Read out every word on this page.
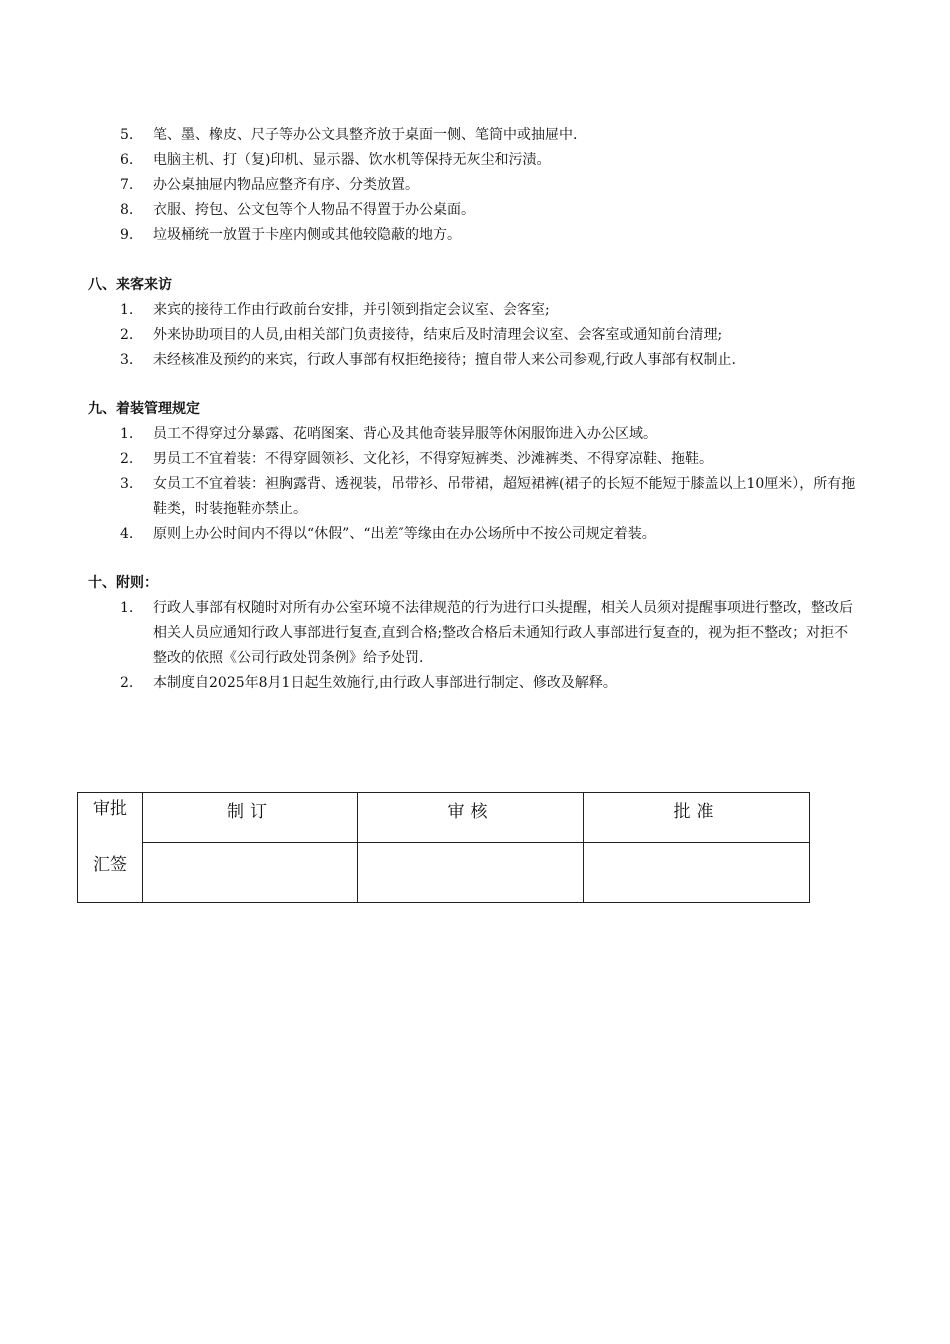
5.	笔、墨、橡皮、尺子等办公文具整齐放于桌面一侧、笔筒中或抽屉中.
6.	电脑主机、打（复)印机、显示器、饮水机等保持无灰尘和污渍。
7.	办公桌抽屉内物品应整齐有序、分类放置。
8.	衣服、挎包、公文包等个人物品不得置于办公桌面。
9.	垃圾桶统一放置于卡座内侧或其他较隐蔽的地方。
八、来客来访
1.	来宾的接待工作由行政前台安排，并引领到指定会议室、会客室;
2.	外来协助项目的人员,由相关部门负责接待，结束后及时清理会议室、会客室或通知前台清理;
3.	未经核准及预约的来宾，行政人事部有权拒绝接待；擅自带人来公司参观,行政人事部有权制止.
九、着装管理规定
1.	员工不得穿过分暴露、花哨图案、背心及其他奇装异服等休闲服饰进入办公区域。
2.	男员工不宜着装：不得穿圆领衫、文化衫，不得穿短裤类、沙滩裤类、不得穿凉鞋、拖鞋。
3.	女员工不宜着装：袒胸露背、透视装，吊带衫、吊带裙，超短裙裤(裙子的长短不能短于膝盖以上10厘米），所有拖鞋类，时装拖鞋亦禁止。
4.	原则上办公时间内不得以“休假”、“出差″等缘由在办公场所中不按公司规定着装。
十、附则：
1.	行政人事部有权随时对所有办公室环境不法律规范的行为进行口头提醒，相关人员须对提醒事项进行整改，整改后相关人员应通知行政人事部进行复查,直到合格;整改合格后未通知行政人事部进行复查的，视为拒不整改；对拒不整改的依照《公司行政处罚条例》给予处罚.
2.	本制度自2025年8月1日起生效施行,由行政人事部进行制定、修改及解释。
审批
汇签	制订	审核	批准
